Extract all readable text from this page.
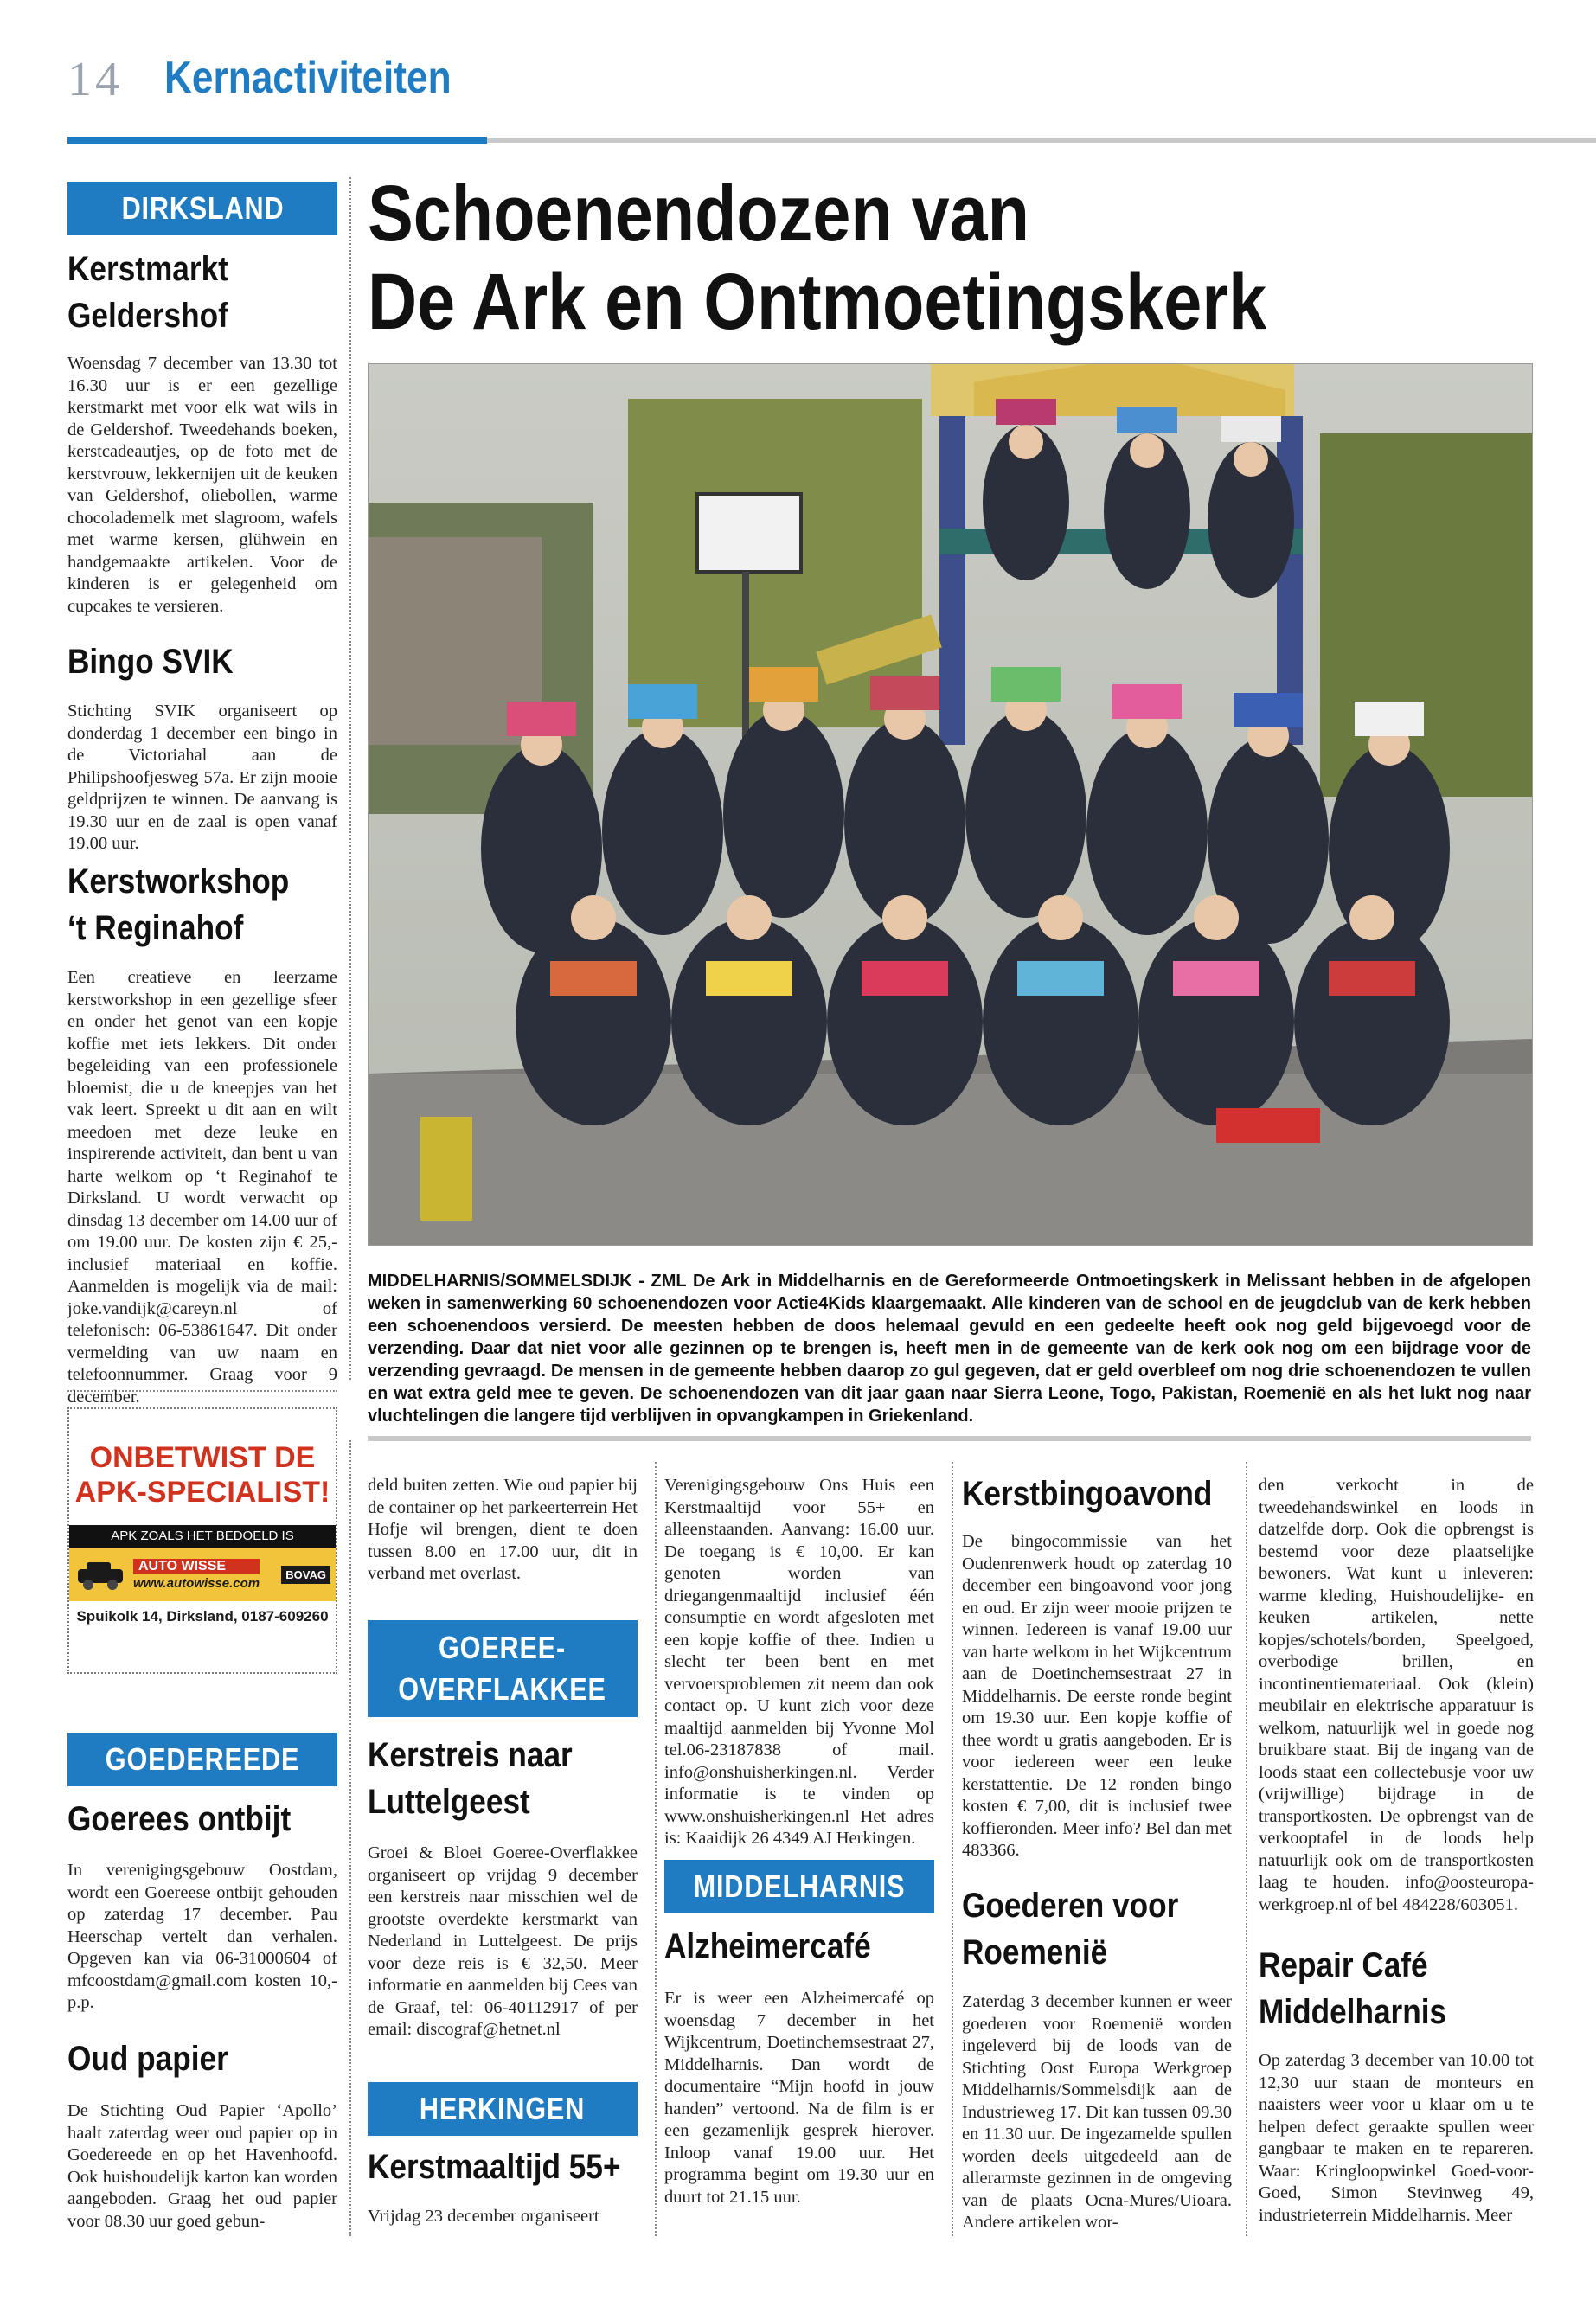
14 Kernactiviteiten
DIRKSLAND
Kerstmarkt
Geldershof
Woensdag 7 december van 13.30 tot 16.30 uur is er een gezellige kerstmarkt met voor elk wat wils in de Geldershof. Tweedehands boeken, kerstcadeautjes, op de foto met de kerstvrouw, lekkernijen uit de keuken van Geldershof, oliebollen, warme chocolademelk met slagroom, wafels met warme kersen, glühwein en handgemaakte artikelen. Voor de kinderen is er gelegenheid om cupcakes te versieren.
Bingo SVIK
Stichting SVIK organiseert op donderdag 1 december een bingo in de Victoriahal aan de Philipshoofjesweg 57a. Er zijn mooie geldprijzen te winnen. De aanvang is 19.30 uur en de zaal is open vanaf 19.00 uur.
Kerstworkshop
‘t Reginahof
Een creatieve en leerzame kerstworkshop in een gezellige sfeer en onder het genot van een kopje koffie met iets lekkers. Dit onder begeleiding van een professionele bloemist, die u de kneepjes van het vak leert. Spreekt u dit aan en wilt meedoen met deze leuke en inspirerende activiteit, dan bent u van harte welkom op ‘t Reginahof te Dirksland. U wordt verwacht op dinsdag 13 december om 14.00 uur of om 19.00 uur. De kosten zijn € 25,- inclusief materiaal en koffie. Aanmelden is mogelijk via de mail: joke.vandijk@careyn.nl of telefonisch: 06-53861647. Dit onder vermelding van uw naam en telefoonnummer. Graag voor 9 december.
ONBETWIST DE
APK-SPECIALIST!
APK ZOALS HET BEDOELD IS
AUTO WISSE
www.autowisse.com
BOVAG
Spuikolk 14, Dirksland, 0187-609260
GOEDEREEDE
Goerees ontbijt
In verenigingsgebouw Oostdam, wordt een Goereese ontbijt gehouden op zaterdag 17 december. Pau Heerschap vertelt dan verhalen. Opgeven kan via 06-31000604 of mfcoostdam@gmail.com kosten 10,- p.p.
Oud papier
De Stichting Oud Papier ‘Apollo’ haalt zaterdag weer oud papier op in Goedereede en op het Havenhoofd. Ook huishoudelijk karton kan worden aangeboden. Graag het oud papier voor 08.30 uur goed gebun-
Schoenendozen van
De Ark en Ontmoetingskerk
MIDDELHARNIS/SOMMELSDIJK - ZML De Ark in Middelharnis en de Gereformeerde Ontmoetingskerk in Melissant hebben in de afgelopen weken in samenwerking 60 schoenendozen voor Actie4Kids klaargemaakt. Alle kinderen van de school en de jeugdclub van de kerk hebben een schoenendoos versierd. De meesten hebben de doos helemaal gevuld en een gedeelte heeft ook nog geld bijgevoegd voor de verzending. Daar dat niet voor alle gezinnen op te brengen is, heeft men in de gemeente van de kerk ook nog om een bijdrage voor de verzending gevraagd. De mensen in de gemeente hebben daarop zo gul gegeven, dat er geld overbleef om nog drie schoenendozen te vullen en wat extra geld mee te geven. De schoenendozen van dit jaar gaan naar Sierra Leone, Togo, Pakistan, Roemenië en als het lukt nog naar vluchtelingen die langere tijd verblijven in opvangkampen in Griekenland.
deld buiten zetten. Wie oud papier bij de container op het parkeerterrein Het Hofje wil brengen, dient te doen tussen 8.00 en 17.00 uur, dit in verband met overlast.
GOEREE-
OVERFLAKKEE
Kerstreis naar
Luttelgeest
Groei & Bloei Goeree-Overflakkee organiseert op vrijdag 9 december een kerstreis naar misschien wel de grootste overdekte kerstmarkt van Nederland in Luttelgeest. De prijs voor deze reis is € 32,50. Meer informatie en aanmelden bij Cees van de Graaf, tel: 06-40112917 of per email: discograf@hetnet.nl
HERKINGEN
Kerstmaaltijd 55+
Vrijdag 23 december organiseert
Verenigingsgebouw Ons Huis een Kerstmaaltijd voor 55+ en alleenstaanden. Aanvang: 16.00 uur. De toegang is € 10,00. Er kan genoten worden van driegangenmaaltijd inclusief één consumptie en wordt afgesloten met een kopje koffie of thee. Indien u slecht ter been bent en met vervoersproblemen zit neem dan ook contact op. U kunt zich voor deze maaltijd aanmelden bij Yvonne Mol tel.06-23187838 of mail. info@onshuisherkingen.nl. Verder informatie is te vinden op www.onshuisherkingen.nl Het adres is: Kaaidijk 26 4349 AJ Herkingen.
MIDDELHARNIS
Alzheimercafé
Er is weer een Alzheimercafé op woensdag 7 december in het Wijkcentrum, Doetinchemsestraat 27, Middelharnis. Dan wordt de documentaire “Mijn hoofd in jouw handen” vertoond. Na de film is er een gezamenlijk gesprek hierover. Inloop vanaf 19.00 uur. Het programma begint om 19.30 uur en duurt tot 21.15 uur.
Kerstbingoavond
De bingocommissie van het Oudenrenwerk houdt op zaterdag 10 december een bingoavond voor jong en oud. Er zijn weer mooie prijzen te winnen. Iedereen is vanaf 19.00 uur van harte welkom in het Wijkcentrum aan de Doetinchemsestraat 27 in Middelharnis. De eerste ronde begint om 19.30 uur. Een kopje koffie of thee wordt u gratis aangeboden. Er is voor iedereen weer een leuke kerstattentie. De 12 ronden bingo kosten € 7,00, dit is inclusief twee koffieronden. Meer info? Bel dan met 483366.
Goederen voor
Roemenië
Zaterdag 3 december kunnen er weer goederen voor Roemenië worden ingeleverd bij de loods van de Stichting Oost Europa Werkgroep Middelharnis/Sommelsdijk aan de Industrieweg 17. Dit kan tussen 09.30 en 11.30 uur. De ingezamelde spullen worden deels uitgedeeld aan de allerarmste gezinnen in de omgeving van de plaats Ocna-Mures/Uioara. Andere artikelen wor-
den verkocht in de tweedehandswinkel en loods in datzelfde dorp. Ook die opbrengst is bestemd voor deze plaatselijke bewoners. Wat kunt u inleveren: warme kleding, Huishoudelijke- en keuken artikelen, nette kopjes/schotels/borden, Speelgoed, overbodige brillen, en incontinentiemateriaal. Ook (klein) meubilair en elektrische apparatuur is welkom, natuurlijk wel in goede nog bruikbare staat. Bij de ingang van de loods staat een collectebusje voor uw (vrijwillige) bijdrage in de transportkosten. De opbrengst van de verkooptafel in de loods help natuurlijk ook om de transportkosten laag te houden. info@oosteuropa-werkgroep.nl of bel 484228/603051.
Repair Café
Middelharnis
Op zaterdag 3 december van 10.00 tot 12,30 uur staan de monteurs en naaisters weer voor u klaar om u te helpen defect geraakte spullen weer gangbaar te maken en te repareren. Waar: Kringloopwinkel Goed-voor-Goed, Simon Stevinweg 49, industrieterrein Middelharnis. Meer
